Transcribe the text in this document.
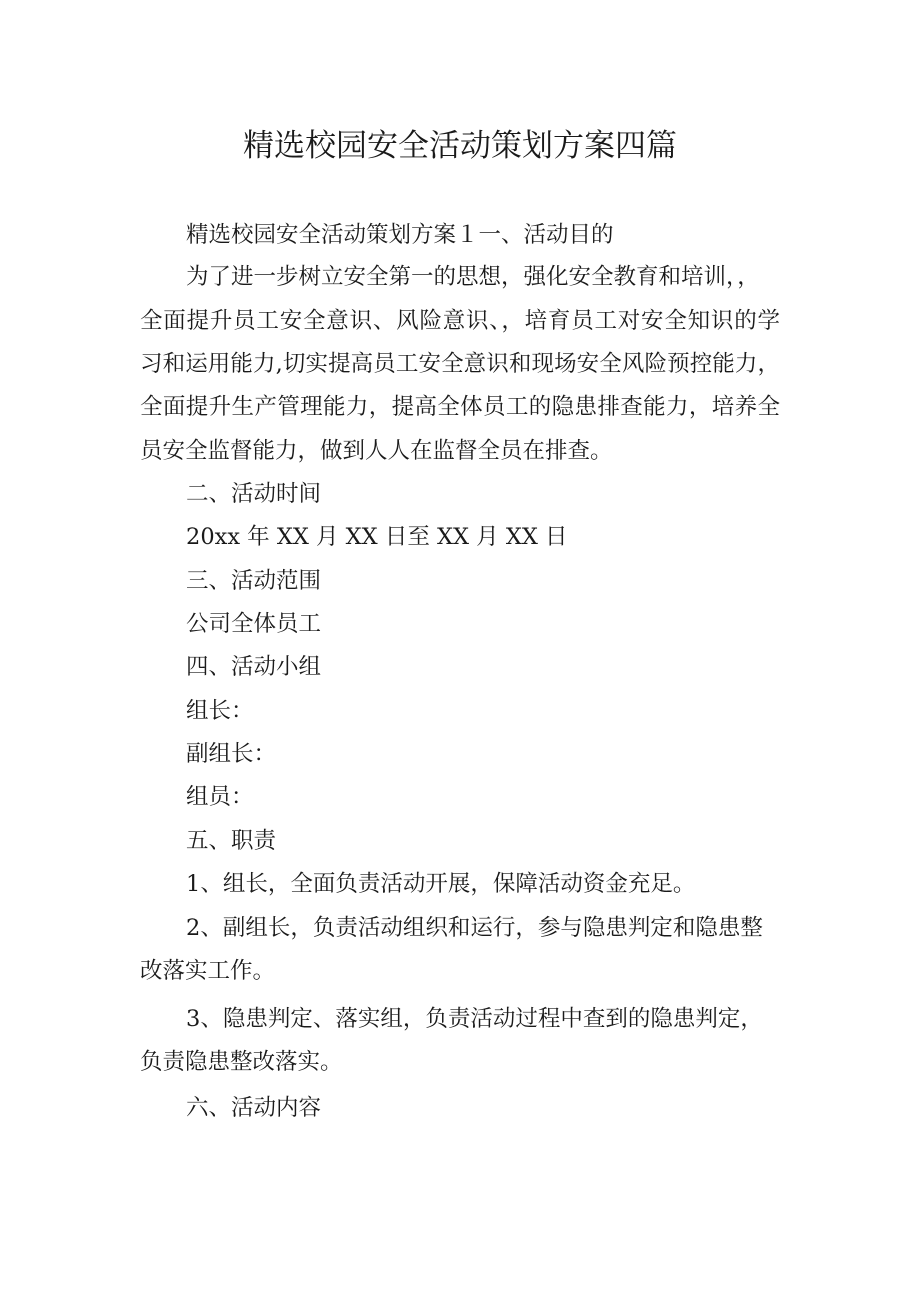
精选校园安全活动策划方案四篇

精选校园安全活动策划方案１一、活动目的

为了进一步树立安全第一的思想，强化安全教育和培训，，

全面提升员工安全意识、风险意识、，培育员工对安全知识的学

习和运用能力,切实提高员工安全意识和现场安全风险预控能力，

全面提升生产管理能力，提高全体员工的隐患排查能力，培养全

员安全监督能力，做到人人在监督全员在排查。

二、活动时间

20xx 年 XX 月 XX 日至 XX 月 XX 日

三、活动范围

公司全体员工

四、活动小组

组长：

副组长：

组员：

五、职责

1、组长，全面负责活动开展，保障活动资金充足。

2、副组长，负责活动组织和运行，参与隐患判定和隐患整

改落实工作。

3、隐患判定、落实组，负责活动过程中查到的隐患判定，

负责隐患整改落实。

六、活动内容
